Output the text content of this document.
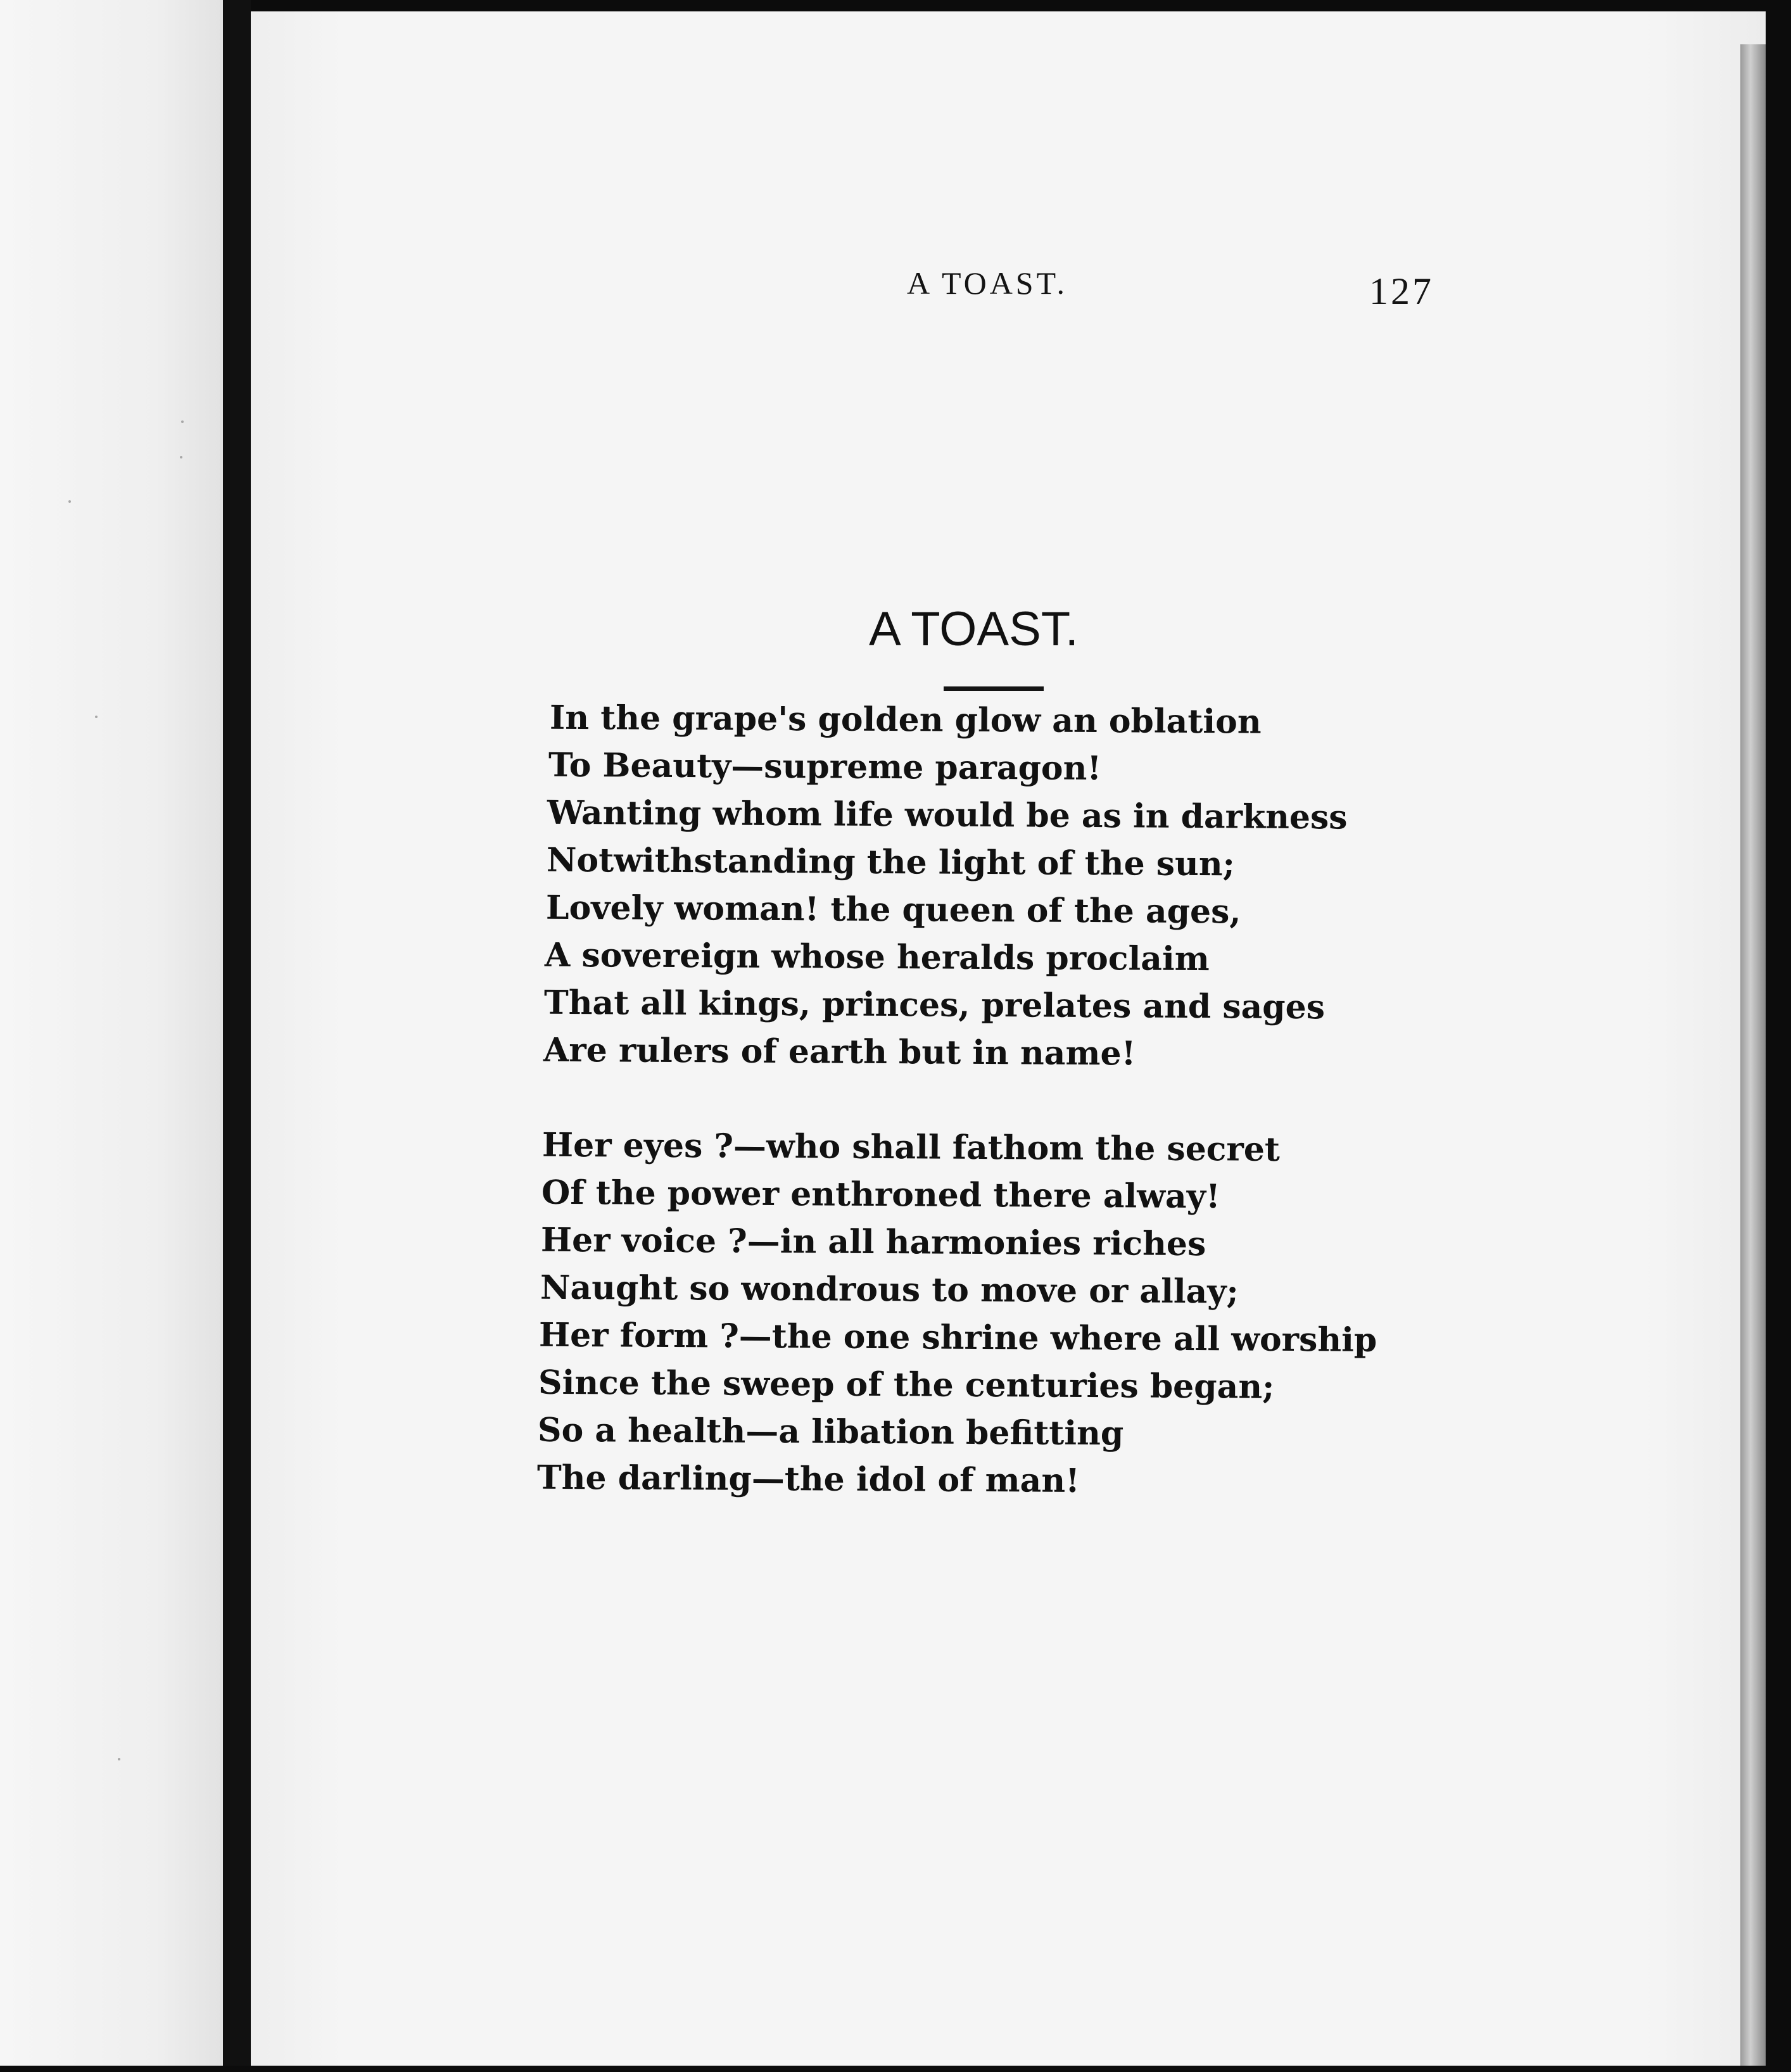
A TOAST.	127
A TOAST.
In the grape's golden glow an oblation
To Beauty—supreme paragon!
Wanting whom life would be as in darkness
Notwithstanding the light of the sun;
Lovely woman! the queen of the ages,
A sovereign whose heralds proclaim
That all kings, princes, prelates and sages
Are rulers of earth but in name!
Her eyes ?—who shall fathom the secret
Of the power enthroned there alway!
Her voice ?—in all harmonies riches
Naught so wondrous to move or allay;
Her form ?—the one shrine where all worship
Since the sweep of the centuries began;
So a health—a libation befitting
The darling—the idol of man!
